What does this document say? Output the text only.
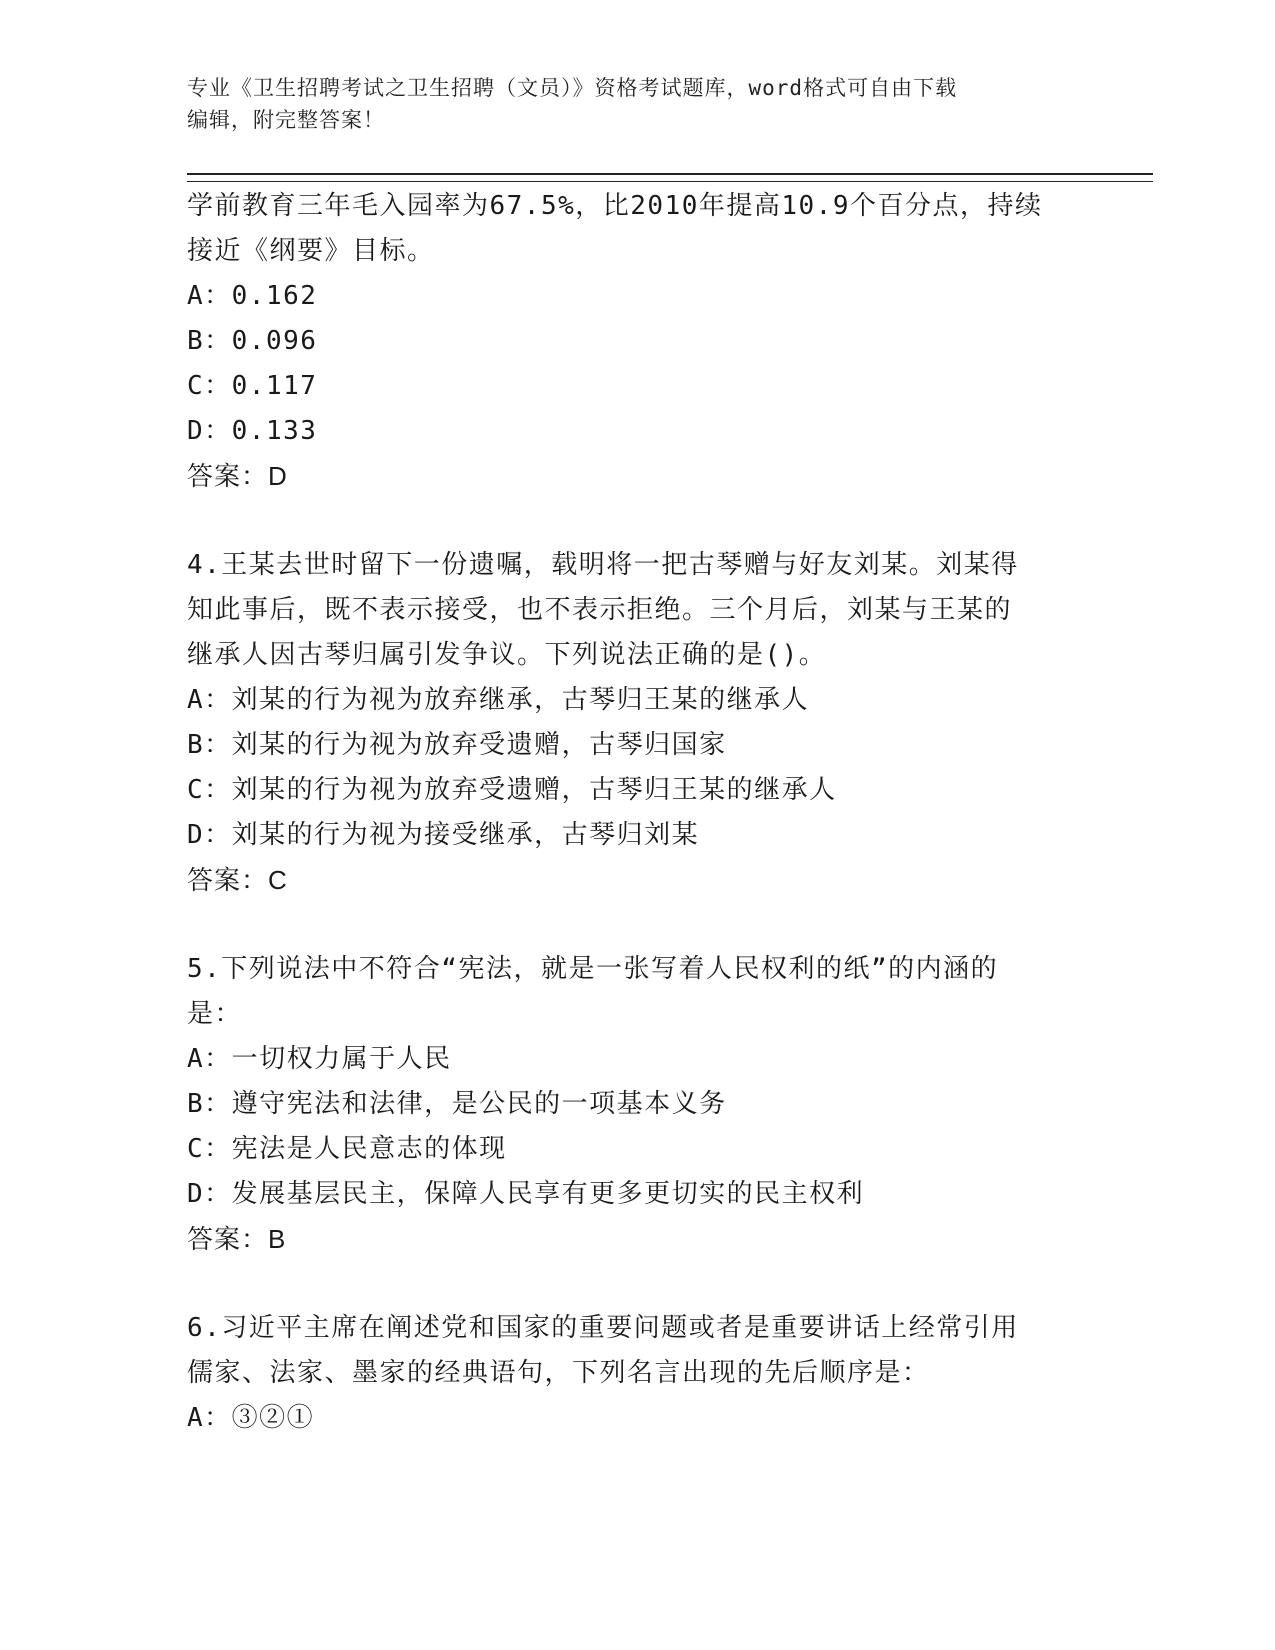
专业《卫生招聘考试之卫生招聘（文员）》资格考试题库，word格式可自由下载
编辑，附完整答案！
学前教育三年毛入园率为67.5%，比2010年提高10.9个百分点，持续
接近《纲要》目标。
A：0.162
B：0.096
C：0.117
D：0.133
答案：D
4.王某去世时留下一份遗嘱，载明将一把古琴赠与好友刘某。刘某得
知此事后，既不表示接受，也不表示拒绝。三个月后，刘某与王某的
继承人因古琴归属引发争议。下列说法正确的是()。
A：刘某的行为视为放弃继承，古琴归王某的继承人
B：刘某的行为视为放弃受遗赠，古琴归国家
C：刘某的行为视为放弃受遗赠，古琴归王某的继承人
D：刘某的行为视为接受继承，古琴归刘某
答案：C
5.下列说法中不符合“宪法，就是一张写着人民权利的纸”的内涵的
是：
A：一切权力属于人民
B：遵守宪法和法律，是公民的一项基本义务
C：宪法是人民意志的体现
D：发展基层民主，保障人民享有更多更切实的民主权利
答案：B
6.习近平主席在阐述党和国家的重要问题或者是重要讲话上经常引用
儒家、法家、墨家的经典语句，下列名言出现的先后顺序是：
A：③②①
